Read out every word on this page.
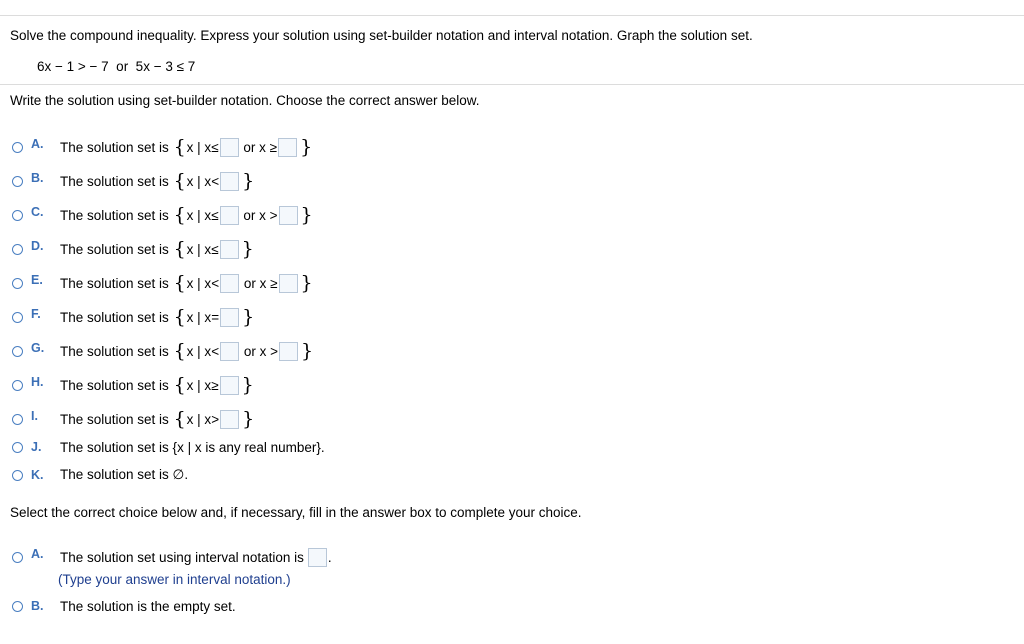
Solve the compound inequality. Express your solution using set-builder notation and interval notation. Graph the solution set.
6x − 1 > − 7  or  5x − 3 ≤ 7
Write the solution using set-builder notation. Choose the correct answer below.
A.	The solution set is
{ x | x ≤
or x
≥ }
B.	The solution set is
{ x | x < }
C.	The solution set is
{ x | x ≤
or x
> }
D.	The solution set is
{ x | x ≤ }
E.	The solution set is
{ x | x <
or x
≥ }
F.	The solution set is
{ x | x = }
G.	The solution set is
{ x | x <
or x
> }
H.	The solution set is
{ x | x ≥ }
I.	The solution set is
{ x | x > }
J.	The solution set is {x | x is any real number}.
K.	The solution set is ∅.
Select the correct choice below and, if necessary, fill in the answer box to complete your choice.
A.	The solution set using interval notation is .
(Type your answer in interval notation.)
B.	The solution is the empty set.
